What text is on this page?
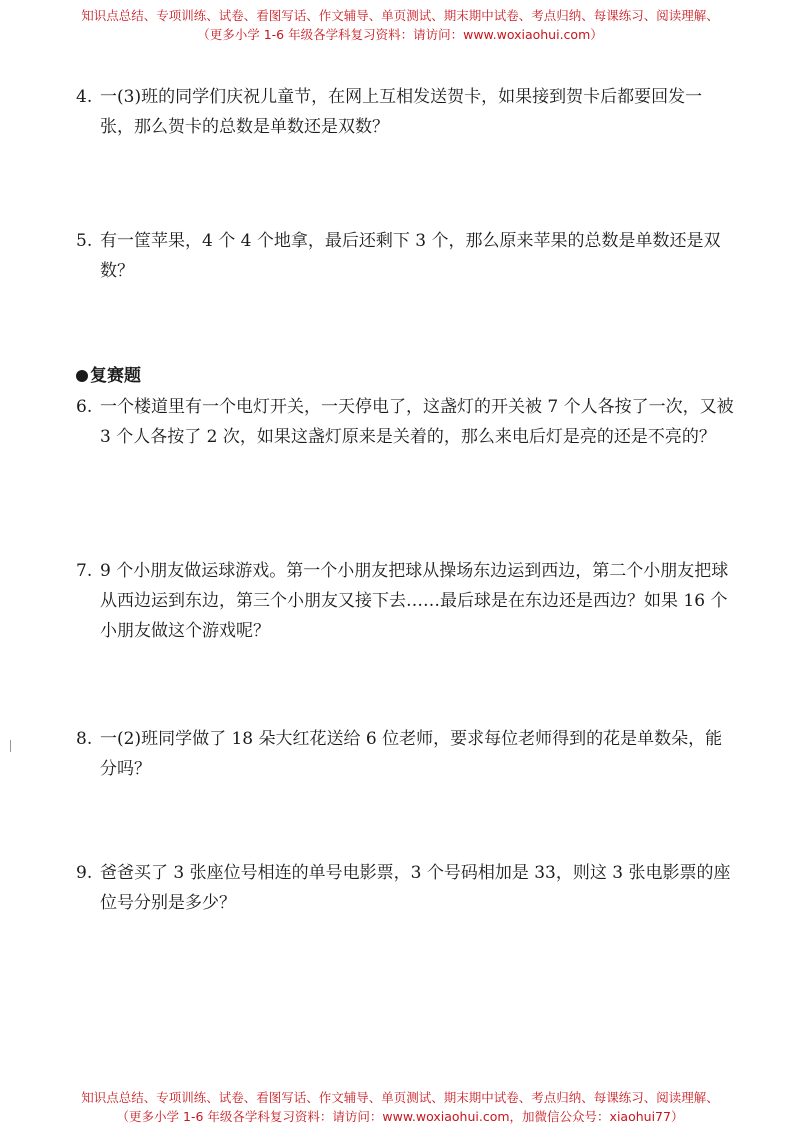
知识点总结、专项训练、试卷、看图写话、作文辅导、单页测试、期末期中试卷、考点归纳、每课练习、阅读理解、
（更多小学 1-6 年级各学科复习资料：请访问：www.woxiaohui.com）
4. 一(3)班的同学们庆祝儿童节，在网上互相发送贺卡，如果接到贺卡后都要回发一张，那么贺卡的总数是单数还是双数？
5. 有一筐苹果，4 个 4 个地拿，最后还剩下 3 个，那么原来苹果的总数是单数还是双数？
复赛题
6. 一个楼道里有一个电灯开关，一天停电了，这盏灯的开关被 7 个人各按了一次，又被 3 个人各按了 2 次，如果这盏灯原来是关着的，那么来电后灯是亮的还是不亮的？
7. 9 个小朋友做运球游戏。第一个小朋友把球从操场东边运到西边，第二个小朋友把球从西边运到东边，第三个小朋友又接下去……最后球是在东边还是西边？如果 16 个小朋友做这个游戏呢？
8. 一(2)班同学做了 18 朵大红花送给 6 位老师，要求每位老师得到的花是单数朵，能分吗？
9. 爸爸买了 3 张座位号相连的单号电影票，3 个号码相加是 33，则这 3 张电影票的座位号分别是多少？
知识点总结、专项训练、试卷、看图写话、作文辅导、单页测试、期末期中试卷、考点归纳、每课练习、阅读理解、
（更多小学 1-6 年级各学科复习资料：请访问：www.woxiaohui.com，加微信公众号：xiaohui77）
